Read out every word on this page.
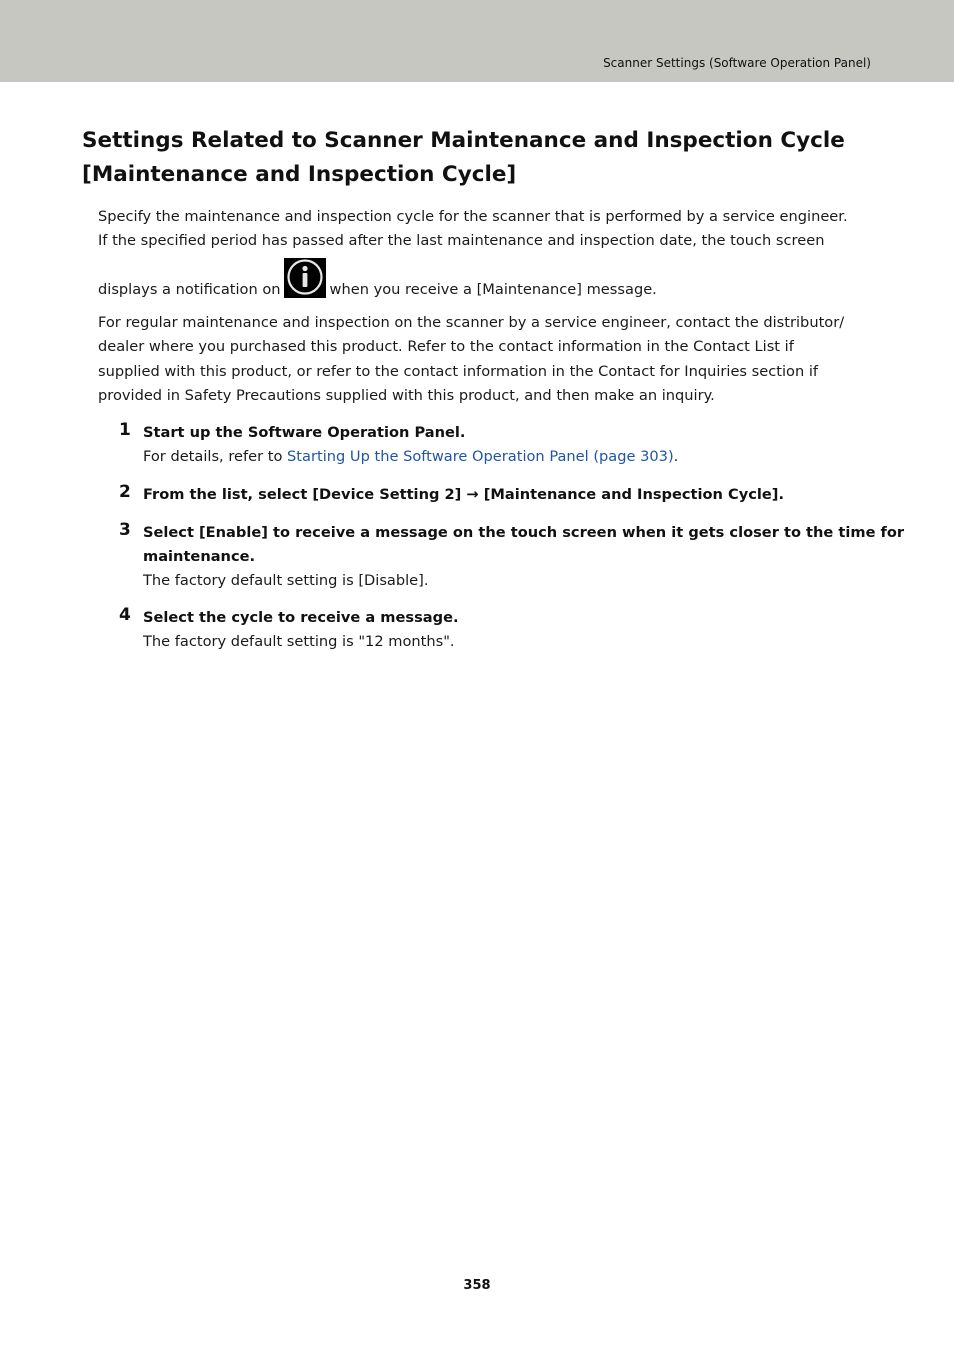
Scanner Settings (Software Operation Panel)
Settings Related to Scanner Maintenance and Inspection Cycle
[Maintenance and Inspection Cycle]
Specify the maintenance and inspection cycle for the scanner that is performed by a service engineer.
If the specified period has passed after the last maintenance and inspection date, the touch screen
displays a notification on	when you receive a [Maintenance] message.
For regular maintenance and inspection on the scanner by a service engineer, contact the distributor/
dealer where you purchased this product. Refer to the contact information in the Contact List if
supplied with this product, or refer to the contact information in the Contact for Inquiries section if
provided in Safety Precautions supplied with this product, and then make an inquiry.
1 Start up the Software Operation Panel.
For details, refer to Starting Up the Software Operation Panel (page 303).
2 From the list, select [Device Setting 2] → [Maintenance and Inspection Cycle].
3 Select [Enable] to receive a message on the touch screen when it gets closer to the time for
maintenance.
The factory default setting is [Disable].
4 Select the cycle to receive a message.
The factory default setting is "12 months".
358
